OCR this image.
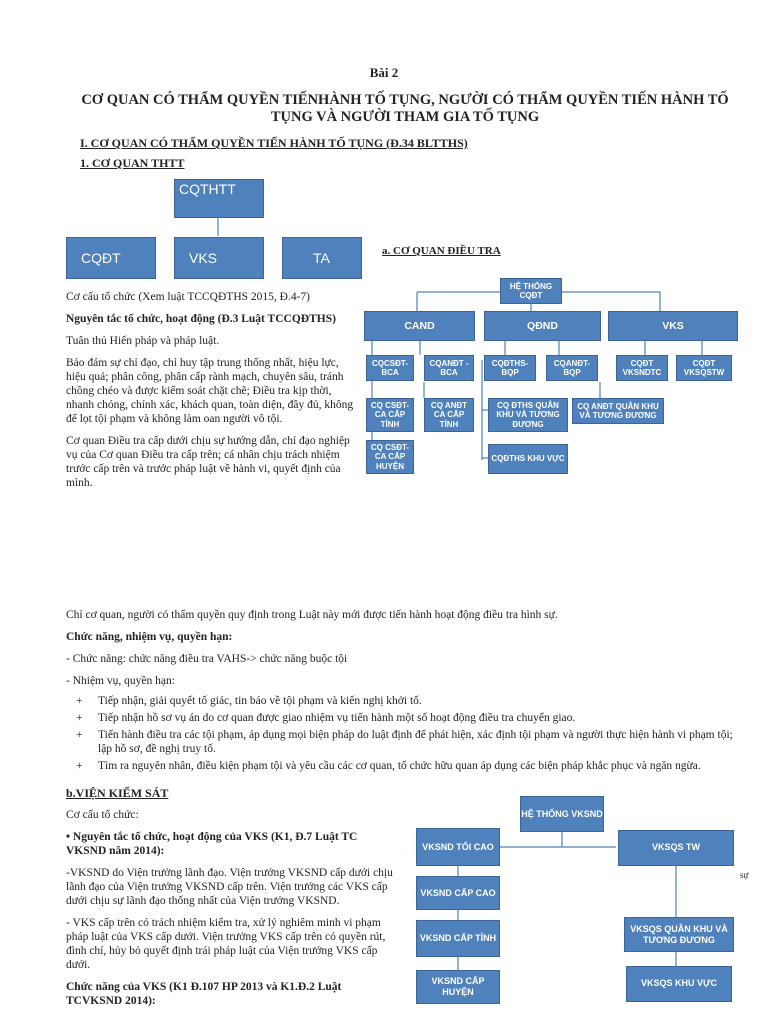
Bài 2
CƠ QUAN CÓ THẨM QUYỀN TIẾNHÀNH TỐ TỤNG, NGƯỜI CÓ THẨM QUYỀN TIẾN HÀNH TỐ
TỤNG VÀ NGƯỜI THAM GIA TỐ TỤNG
I. CƠ QUAN CÓ THẨM QUYỀN TIẾN HÀNH TỐ TỤNG (Đ.34 BLTTHS)
1. CƠ QUAN THTT
CQTHTT
CQĐT	VKS	TA	a. CƠ QUAN ĐIỀU TRA

Cơ cấu tổ chức (Xem luật TCCQĐTHS 2015, Đ.4-7)

Nguyên tắc tổ chức, hoạt động (Đ.3 Luật TCCQĐTHS)

Tuân thủ Hiến pháp và pháp luật.

Bảo đảm sự chỉ đạo, chỉ huy tập trung thống nhất, hiệu lực, hiệu quả; phân công, phân cấp rành mạch, chuyên sâu, tránh chồng chéo và được kiểm soát chặt chẽ; Điều tra kịp thời, nhanh chóng, chính xác, khách quan, toàn diện, đầy đủ, không để lọt tội phạm và không làm oan người vô tội.

Cơ quan Điều tra cấp dưới chịu sự hướng dẫn, chỉ đạo nghiệp vụ của Cơ quan Điều tra cấp trên; cá nhân chịu trách nhiệm trước cấp trên và trước pháp luật về hành vi, quyết định của mình.

HỆ THỐNG CQĐT
CAND	QĐND	VKS
CQCSĐT-BCA
CQANĐT -BCA
CQĐTHS-BQP
CQANĐT-BQP
CQĐT VKSNDTC
CQĐT VKSQSTW
CQ CSĐT-CA CẤP TỈNH
CQ ANĐT CA CẤP TỈNH
CQ ĐTHS QUÂN KHU VÀ TƯƠNG ĐƯƠNG
CQ ANĐT QUÂN KHU VÀ TƯƠNG ĐƯƠNG
CQ CSĐT-CA CẤP HUYỆN
CQĐTHS KHU VỰC

Chỉ cơ quan, người có thẩm quyền quy định trong Luật này mới được tiến hành hoạt động điều tra hình sự.

Chức năng, nhiệm vụ, quyền hạn:

- Chức năng: chức năng điều tra VAHS-> chức năng buộc tội

- Nhiệm vụ, quyền hạn:

+ Tiếp nhận, giải quyết tố giác, tin báo về tội phạm và kiến nghị khởi tố.
+ Tiếp nhận hồ sơ vụ án do cơ quan được giao nhiệm vụ tiến hành một số hoạt động điều tra chuyển giao.
+ Tiến hành điều tra các tội phạm, áp dụng mọi biện pháp do luật định để phát hiện, xác định tội phạm và người thực hiện hành vi phạm tội; lập hồ sơ, đề nghị truy tố.
+ Tìm ra nguyên nhân, điều kiện phạm tội và yêu cầu các cơ quan, tổ chức hữu quan áp dụng các biện pháp khắc phục và ngăn ngừa.
b.VIỆN KIỂM SÁT

Cơ cấu tổ chức:

• Nguyên tắc tổ chức, hoạt động của VKS (K1, Đ.7 Luật TC VKSND năm 2014):

-VKSND do Viện trưởng lãnh đạo. Viện trưởng VKSND cấp dưới chịu lãnh đạo của Viện trưởng VKSND cấp trên. Viện trưởng các VKS cấp dưới chịu sự lãnh đạo thống nhất của Viện trưởng VKSND.

- VKS cấp trên có trách nhiệm kiểm tra, xử lý nghiêm minh vi phạm pháp luật của VKS cấp dưới. Viện trưởng VKS cấp trên có quyền rút, đình chỉ, hủy bỏ quyết định trái pháp luật của Viện trưởng VKS cấp dưới.

Chức năng của VKS (K1 Đ.107 HP 2013 và K1.Đ.2 Luật TCVKSND 2014):

sự
HỆ THỐNG VKSND
VKSND TỐI CAO	VKSQS TW
VKSND CẤP CAO
VKSND CẤP TỈNH
VKSQS QUÂN KHU VÀ TƯƠNG ĐƯƠNG
VKSQS KHU VỰC
VKSND CẤP HUYỆN
